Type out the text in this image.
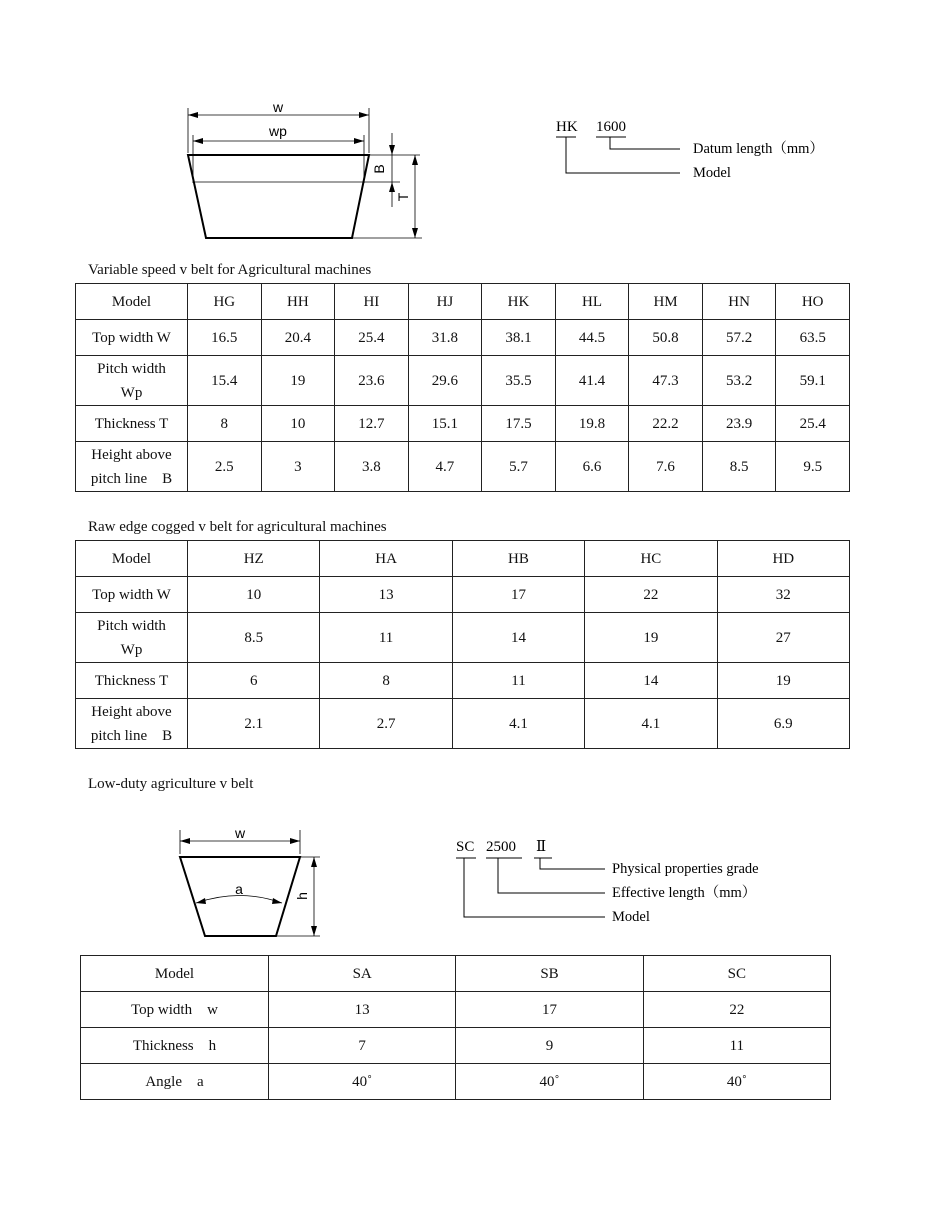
w
wp
B
T
HK 1600
Datum length（mm）
Model
Variable speed v belt for Agricultural machines
Model	HG	HH	HI	HJ	HK	HL	HM	HN	HO
Top width W	16.5	20.4	25.4	31.8	38.1	44.5	50.8	57.2	63.5
Pitch width Wp	15.4	19	23.6	29.6	35.5	41.4	47.3	53.2	59.1
Thickness T	8	10	12.7	15.1	17.5	19.8	22.2	23.9	25.4
Height above pitch line　B	2.5	3	3.8	4.7	5.7	6.6	7.6	8.5	9.5
Raw edge cogged v belt for agricultural machines
Model	HZ	HA	HB	HC	HD
Top width W	10	13	17	22	32
Pitch width Wp	8.5	11	14	19	27
Thickness T	6	8	11	14	19
Height above pitch line　B	2.1	2.7	4.1	4.1	6.9
Low-duty agriculture v belt
w
a	h
SC 2500 Ⅱ
Physical properties grade
Effective length（mm）
Model
Model	SA	SB	SC
Top width　w	13	17	22
Thickness　h	7	9	11
Angle　a	40˚	40˚	40˚
